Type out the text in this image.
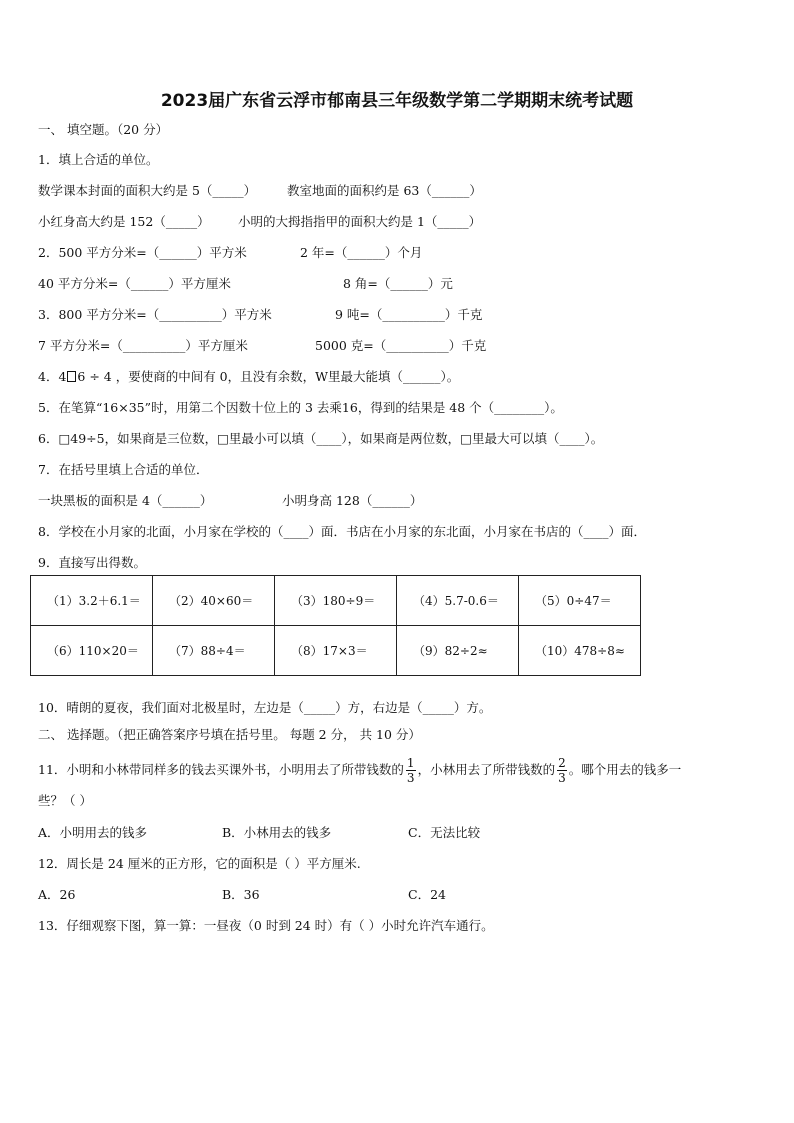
2023届广东省云浮市郁南县三年级数学第二学期期末统考试题
一、 填空题。（20 分）
1．填上合适的单位。
数学课本封面的面积大约是 5（_____） 教室地面的面积约是 63（______）
小红身高大约是 152（_____） 小明的大拇指指甲的面积大约是 1（_____）
2．500 平方分米=（______）平方米	2 年=（______）个月
40 平方分米=（______）平方厘米	8 角=（______）元
3．800 平方分米=（__________）平方米	9 吨=（__________）千克
7 平方分米=（__________）平方厘米	5000 克=（__________）千克
4．4 6 ÷ 4 ，要使商的中间有 0，且没有余数，W里最大能填（______）。
5．在笔算“16×35”时，用第二个因数十位上的 3 去乘16，得到的结果是 48 个（________）。
6．□49÷5，如果商是三位数，□里最小可以填（____），如果商是两位数，□里最大可以填（____）。
7．在括号里填上合适的单位．
一块黑板的面积是 4（______）	小明身高 128（______）
8．学校在小月家的北面，小月家在学校的（____）面．书店在小月家的东北面，小月家在书店的（____）面．
9．直接写出得数。
（1）3.2＋6.1＝	（2）40×60＝	（3）180÷9＝	（4）5.7-0.6＝	（5）0÷47＝
（6）110×20＝	（7）88÷4＝	（8）17×3＝	（9）82÷2≈	（10）478÷8≈
10．晴朗的夏夜，我们面对北极星时，左边是（_____）方，右边是（_____）方。
二、 选择题。（把正确答案序号填在括号里。 每题 2 分， 共 10 分）
11．小明和小林带同样多的钱去买课外书，小明用去了所带钱数的 $\frac{1}{3}$ ，小林用去了所带钱数的 $\frac{2}{3}$ 。哪个用去的钱多一
些？（ ）
A．小明用去的钱多	B．小林用去的钱多	C．无法比较
12．周长是 24 厘米的正方形，它的面积是（ ）平方厘米.
A．26	B．36	C．24
13．仔细观察下图，算一算：一昼夜（0 时到 24 时）有（ ）小时允许汽车通行。
